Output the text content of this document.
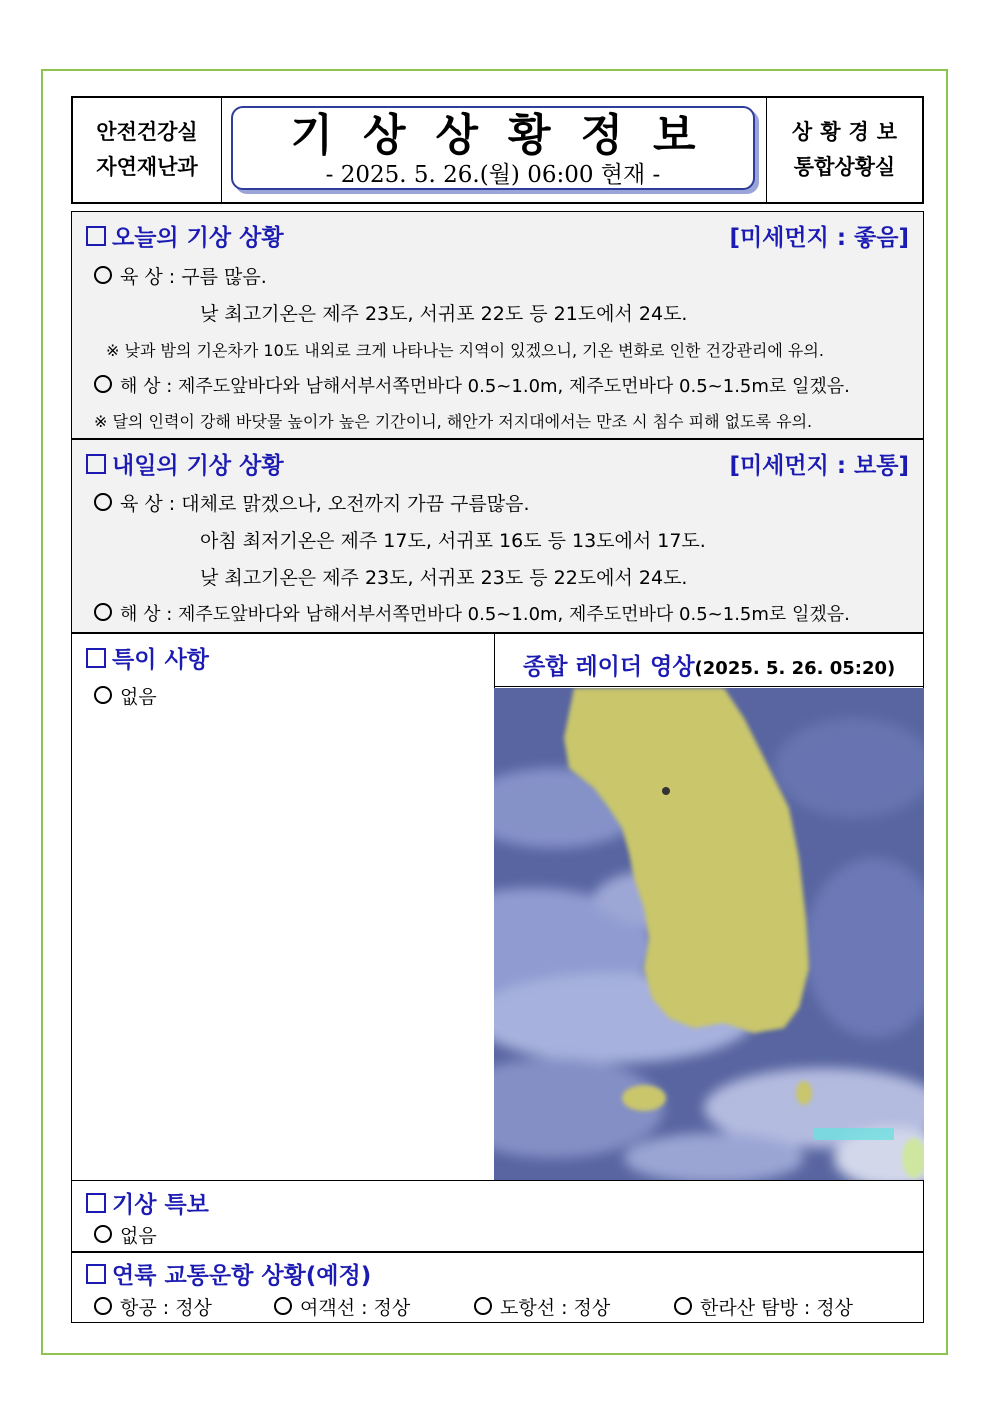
안전건강실
자연재난과
기상상황정보
- 2025. 5. 26.(월) 06:00 현재 -
상황경보
통합상황실
오늘의 기상 상황	[미세먼지 : 좋음]
육 상 : 구름 많음.
낮 최고기온은 제주 23도, 서귀포 22도 등 21도에서 24도.
※ 낮과 밤의 기온차가 10도 내외로 크게 나타나는 지역이 있겠으니, 기온 변화로 인한 건강관리에 유의.
해 상 : 제주도앞바다와 남해서부서쪽먼바다 0.5~1.0m, 제주도먼바다 0.5~1.5m로 일겠음.
※ 달의 인력이 강해 바닷물 높이가 높은 기간이니, 해안가 저지대에서는 만조 시 침수 피해 없도록 유의.
내일의 기상 상황	[미세먼지 : 보통]
육 상 : 대체로 맑겠으나, 오전까지 가끔 구름많음.
아침 최저기온은 제주 17도, 서귀포 16도 등 13도에서 17도.
낮 최고기온은 제주 23도, 서귀포 23도 등 22도에서 24도.
해 상 : 제주도앞바다와 남해서부서쪽먼바다 0.5~1.0m, 제주도먼바다 0.5~1.5m로 일겠음.
특이 사항
없음
종합 레이더 영상(2025. 5. 26. 05:20)
기상 특보
없음
연륙 교통운항 상황(예정)
항공 : 정상	여객선 : 정상	도항선 : 정상	한라산 탐방 : 정상
